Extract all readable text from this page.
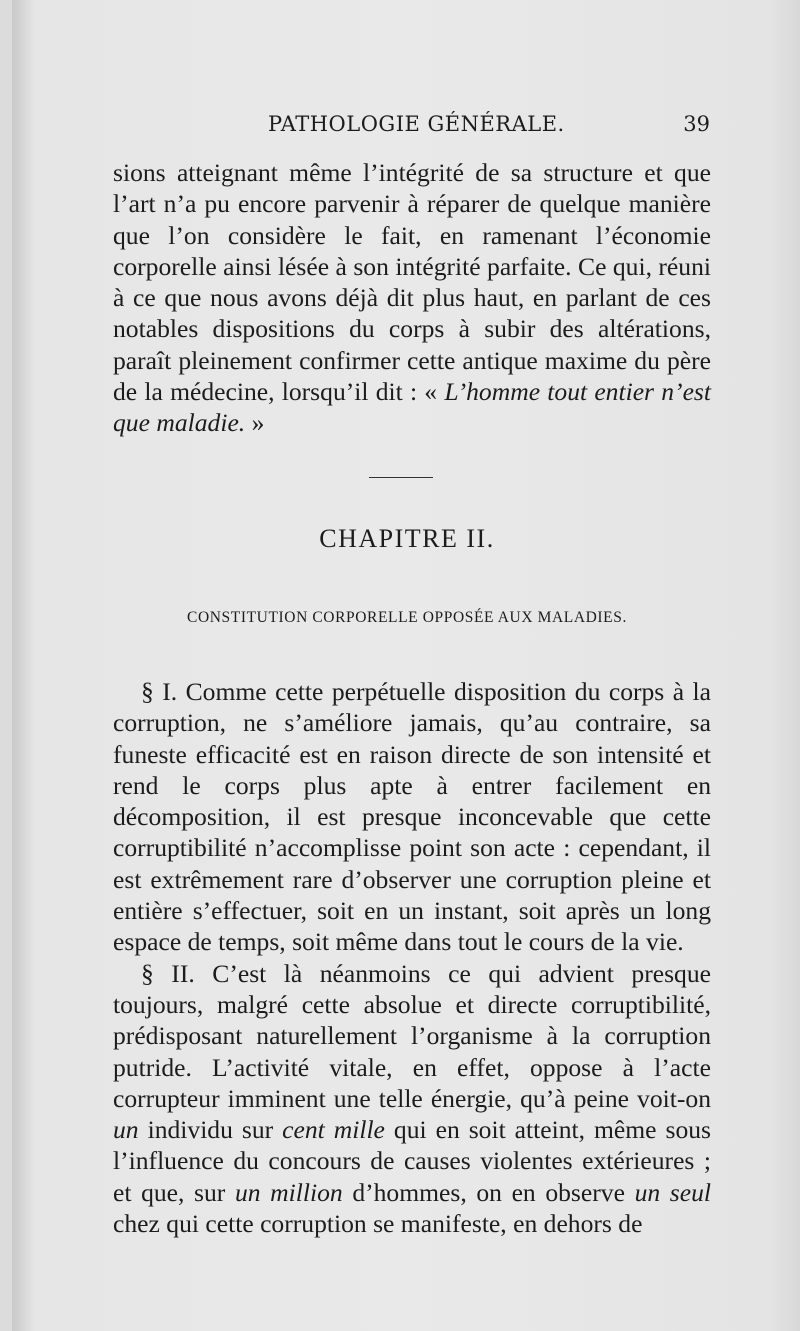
PATHOLOGIE GÉNÉRALE.	39

sions atteignant même l’intégrité de sa structure et que l’art n’a pu encore parvenir à réparer de quelque manière que l’on considère le fait, en ramenant l’économie corporelle ainsi lésée à son intégrité parfaite. Ce qui, réuni à ce que nous avons déjà dit plus haut, en parlant de ces notables dispositions du corps à subir des altérations, paraît pleinement confirmer cette antique maxime du père de la médecine, lorsqu’il dit : « L’homme tout entier n’est que maladie. »

CHAPITRE II.
CONSTITUTION CORPORELLE OPPOSÉE AUX MALADIES.

§ I. Comme cette perpétuelle disposition du corps à la corruption, ne s’améliore jamais, qu’au contraire, sa funeste efficacité est en raison directe de son intensité et rend le corps plus apte à entrer facilement en décomposition, il est presque inconcevable que cette corruptibilité n’accomplisse point son acte : cependant, il est extrêmement rare d’observer une corruption pleine et entière s’effectuer, soit en un instant, soit après un long espace de temps, soit même dans tout le cours de la vie.

§ II. C’est là néanmoins ce qui advient presque toujours, malgré cette absolue et directe corruptibilité, prédisposant naturellement l’organisme à la corruption putride. L’activité vitale, en effet, oppose à l’acte corrupteur imminent une telle énergie, qu’à peine voit-on un individu sur cent mille qui en soit atteint, même sous l’influence du concours de causes violentes extérieures ; et que, sur un million d’hommes, on en observe un seul chez qui cette corruption se manifeste, en dehors de
